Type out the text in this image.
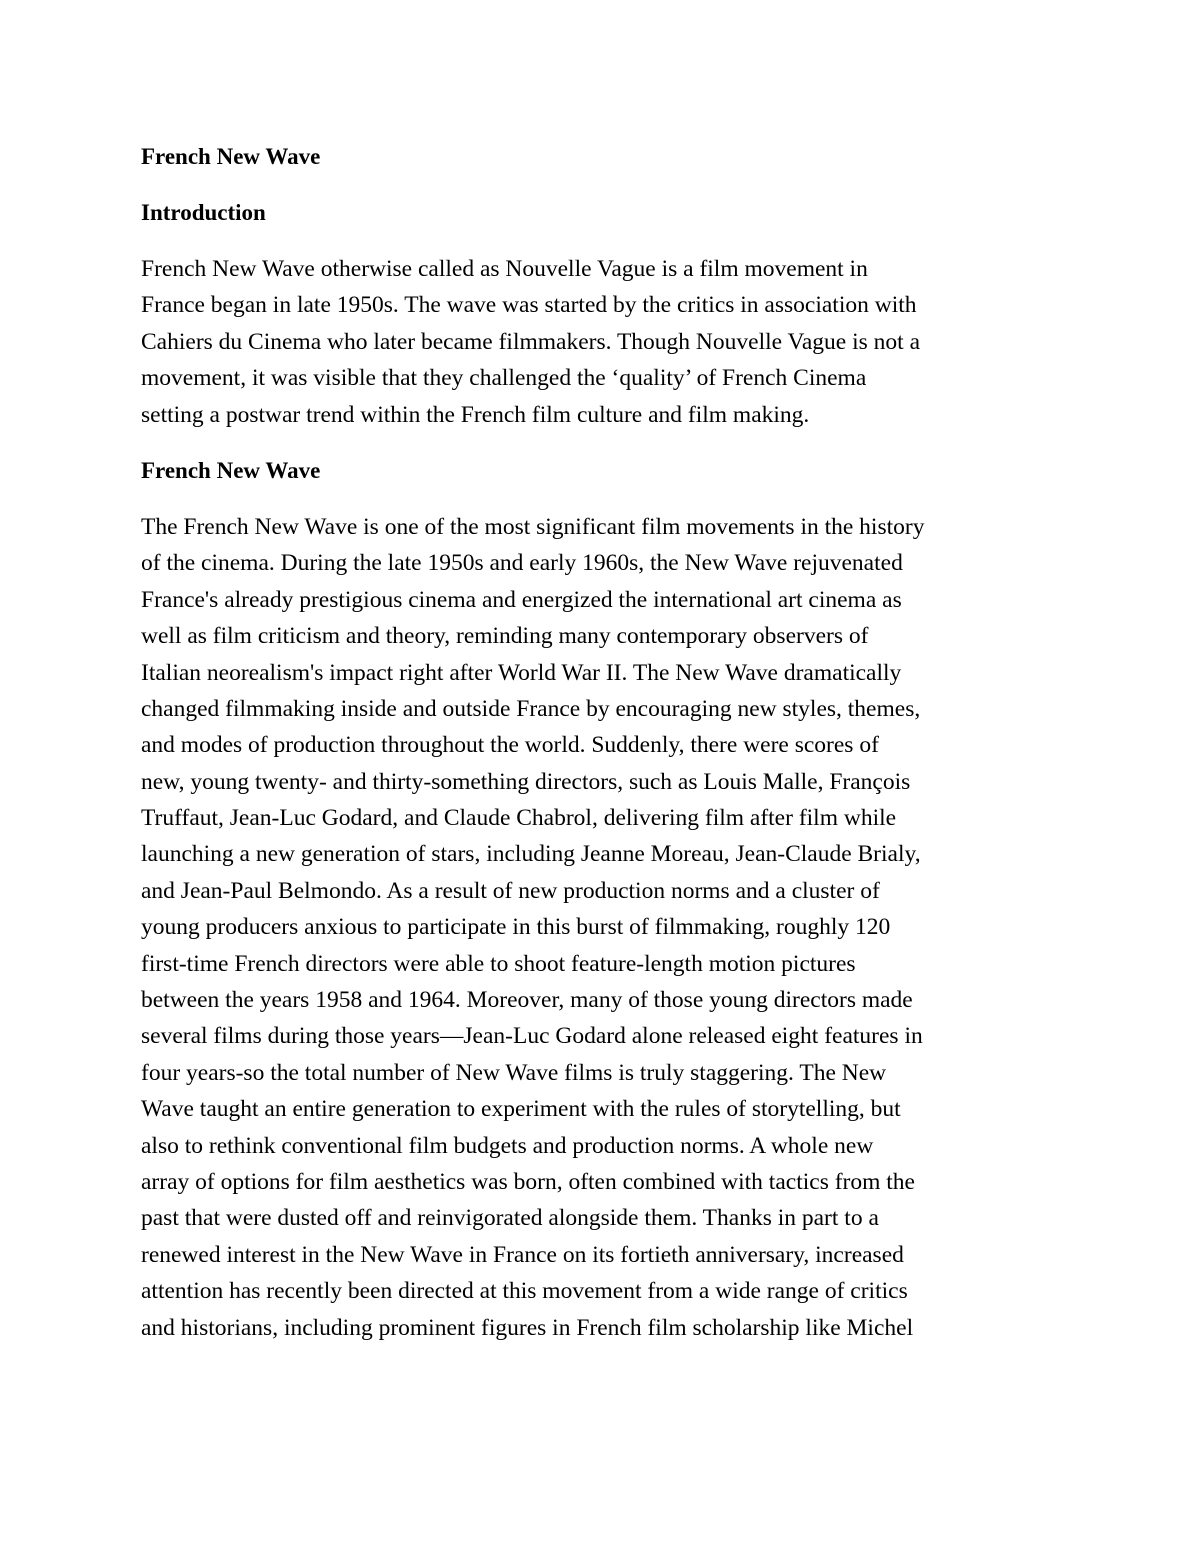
French New Wave
Introduction
French New Wave otherwise called as Nouvelle Vague is a film movement in
France began in late 1950s. The wave was started by the critics in association with
Cahiers du Cinema who later became filmmakers. Though Nouvelle Vague is not a
movement, it was visible that they challenged the ‘quality’ of French Cinema
setting a postwar trend within the French film culture and film making.
French New Wave
The French New Wave is one of the most significant film movements in the history
of the cinema. During the late 1950s and early 1960s, the New Wave rejuvenated
France's already prestigious cinema and energized the international art cinema as
well as film criticism and theory, reminding many contemporary observers of
Italian neorealism's impact right after World War II. The New Wave dramatically
changed filmmaking inside and outside France by encouraging new styles, themes,
and modes of production throughout the world. Suddenly, there were scores of
new, young twenty- and thirty-something directors, such as Louis Malle, François
Truffaut, Jean-Luc Godard, and Claude Chabrol, delivering film after film while
launching a new generation of stars, including Jeanne Moreau, Jean-Claude Brialy,
and Jean-Paul Belmondo. As a result of new production norms and a cluster of
young producers anxious to participate in this burst of filmmaking, roughly 120
first-time French directors were able to shoot feature-length motion pictures
between the years 1958 and 1964. Moreover, many of those young directors made
several films during those years—Jean-Luc Godard alone released eight features in
four years-so the total number of New Wave films is truly staggering. The New
Wave taught an entire generation to experiment with the rules of storytelling, but
also to rethink conventional film budgets and production norms. A whole new
array of options for film aesthetics was born, often combined with tactics from the
past that were dusted off and reinvigorated alongside them. Thanks in part to a
renewed interest in the New Wave in France on its fortieth anniversary, increased
attention has recently been directed at this movement from a wide range of critics
and historians, including prominent figures in French film scholarship like Michel
